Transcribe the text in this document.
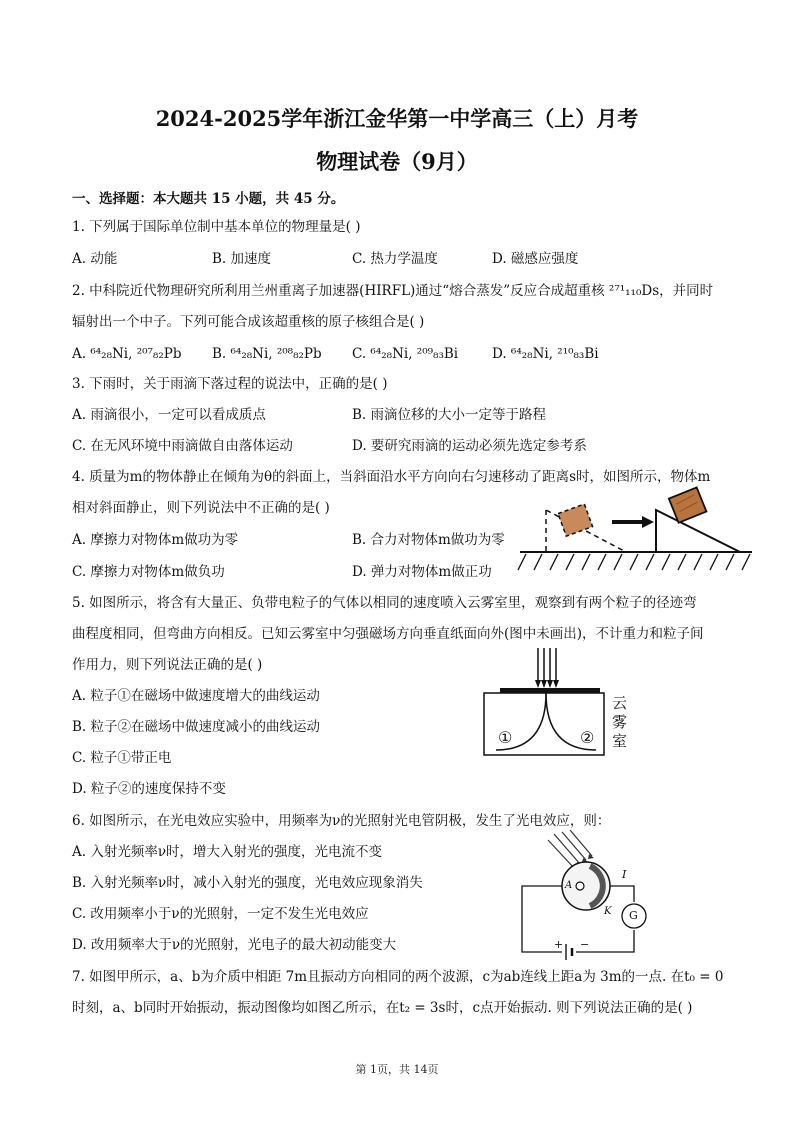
2024-2025学年浙江金华第一中学高三（上）月考
物理试卷（9月）
一、选择题：本大题共 15 小题，共 45 分。
1. 下列属于国际单位制中基本单位的物理量是( )
A. 动能	B. 加速度	C. 热力学温度	D. 磁感应强度
2. 中科院近代物理研究所利用兰州重离子加速器(HIRFL)通过“熔合蒸发”反应合成超重核 ²⁷¹₁₁₀Ds，并同时
辐射出一个中子。下列可能合成该超重核的原子核组合是( )
A. ⁶⁴₂₈Ni, ²⁰⁷₈₂Pb B. ⁶⁴₂₈Ni, ²⁰⁸₈₂Pb C. ⁶⁴₂₈Ni, ²⁰⁹₈₃Bi	D. ⁶⁴₂₈Ni, ²¹⁰₈₃Bi
3. 下雨时，关于雨滴下落过程的说法中，正确的是( )
A. 雨滴很小，一定可以看成质点	B. 雨滴位移的大小一定等于路程
C. 在无风环境中雨滴做自由落体运动	D. 要研究雨滴的运动必须先选定参考系
4. 质量为m的物体静止在倾角为θ的斜面上，当斜面沿水平方向向右匀速移动了距离s时，如图所示，物体m
相对斜面静止，则下列说法中不正确的是( )
A. 摩擦力对物体m做功为零	B. 合力对物体m做功为零
C. 摩擦力对物体m做负功	D. 弹力对物体m做正功
5. 如图所示，将含有大量正、负带电粒子的气体以相同的速度喷入云雾室里，观察到有两个粒子的径迹弯
曲程度相同，但弯曲方向相反。已知云雾室中匀强磁场方向垂直纸面向外(图中未画出)，不计重力和粒子间
作用力，则下列说法正确的是( )
A. 粒子①在磁场中做速度增大的曲线运动
B. 粒子②在磁场中做速度减小的曲线运动
C. 粒子①带正电
D. 粒子②的速度保持不变
①	②
云雾室
6. 如图所示，在光电效应实验中，用频率为ν的光照射光电管阴极，发生了光电效应，则：
A. 入射光频率ν时，增大入射光的强度，光电流不变
B. 入射光频率ν时，减小入射光的强度，光电效应现象消失
C. 改用频率小于ν的光照射，一定不发生光电效应
D. 改用频率大于ν的光照射，光电子的最大初动能变大
A
K
I
G
+ −
7. 如图甲所示，a、b为介质中相距 7m且振动方向相同的两个波源，c为ab连线上距a为 3m的一点. 在t₀ = 0
时刻，a、b同时开始振动，振动图像均如图乙所示，在t₂ = 3s时，c点开始振动. 则下列说法正确的是( )
第 1页，共 14页
